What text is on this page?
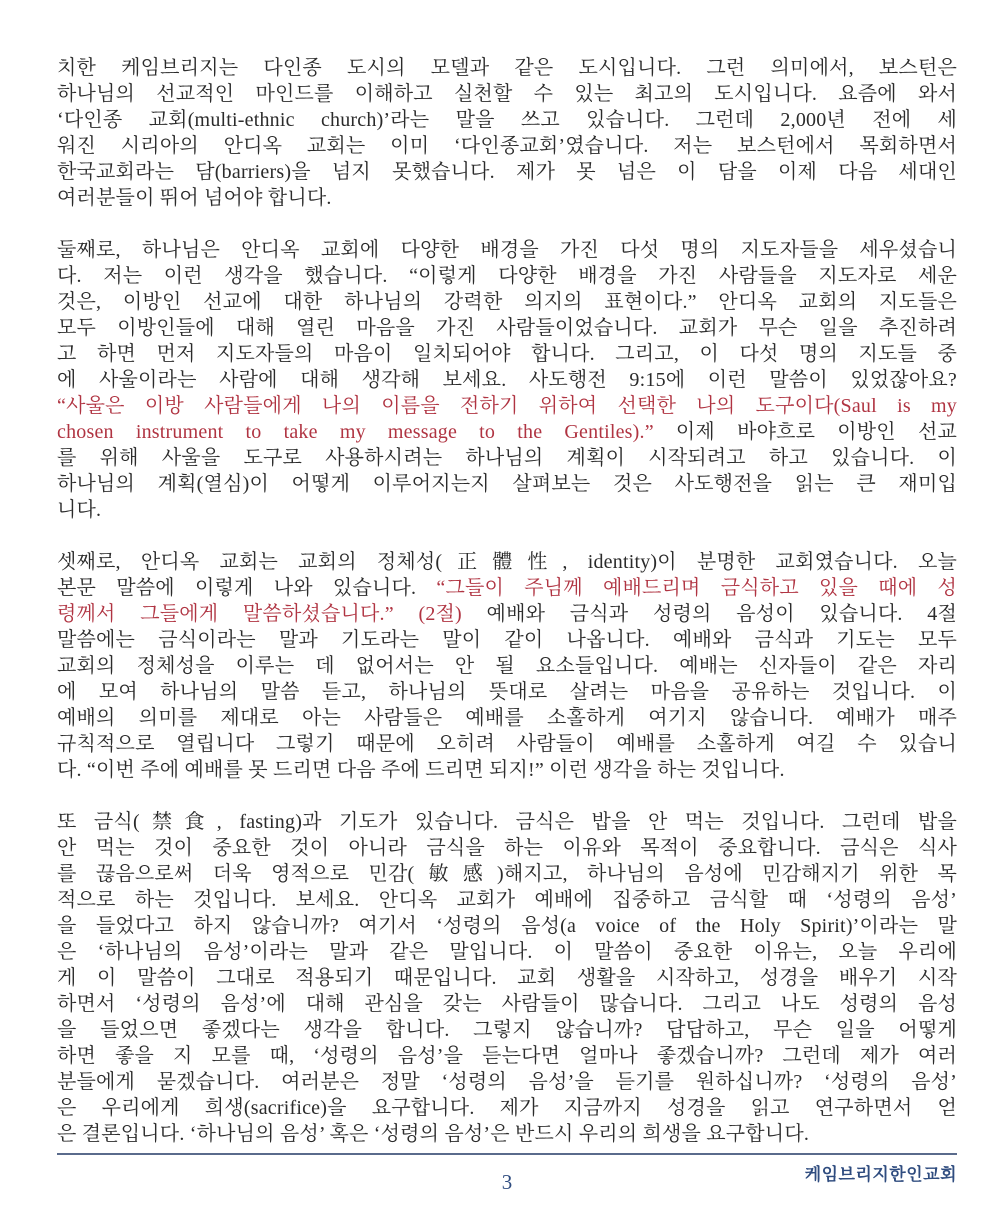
치한 케임브리지는 다인종 도시의 모델과 같은 도시입니다. 그런 의미에서, 보스턴은
하나님의 선교적인 마인드를 이해하고 실천할 수 있는 최고의 도시입니다. 요즘에 와서
‘다인종 교회(multi-ethnic church)’라는 말을 쓰고 있습니다. 그런데 2,000년 전에 세
워진 시리아의 안디옥 교회는 이미 ‘다인종교회’였습니다. 저는 보스턴에서 목회하면서
한국교회라는 담(barriers)을 넘지 못했습니다. 제가 못 넘은 이 담을 이제 다음 세대인
여러분들이 뛰어 넘어야 합니다.
둘째로, 하나님은 안디옥 교회에 다양한 배경을 가진 다섯 명의 지도자들을 세우셨습니
다. 저는 이런 생각을 했습니다. “이렇게 다양한 배경을 가진 사람들을 지도자로 세운
것은, 이방인 선교에 대한 하나님의 강력한 의지의 표현이다.” 안디옥 교회의 지도들은
모두 이방인들에 대해 열린 마음을 가진 사람들이었습니다. 교회가 무슨 일을 추진하려
고 하면 먼저 지도자들의 마음이 일치되어야 합니다. 그리고, 이 다섯 명의 지도들 중
에 사울이라는 사람에 대해 생각해 보세요. 사도행전 9:15에 이런 말씀이 있었잖아요?
“사울은 이방 사람들에게 나의 이름을 전하기 위하여 선택한 나의 도구이다(Saul is my
chosen instrument to take my message to the Gentiles).” 이제 바야흐로 이방인 선교
를 위해 사울을 도구로 사용하시려는 하나님의 계획이 시작되려고 하고 있습니다. 이
하나님의 계획(열심)이 어떻게 이루어지는지 살펴보는 것은 사도행전을 읽는 큰 재미입
니다.
셋째로, 안디옥 교회는 교회의 정체성(正體性, identity)이 분명한 교회였습니다. 오늘
본문 말씀에 이렇게 나와 있습니다. “그들이 주님께 예배드리며 금식하고 있을 때에 성
령께서 그들에게 말씀하셨습니다.” (2절) 예배와 금식과 성령의 음성이 있습니다. 4절
말씀에는 금식이라는 말과 기도라는 말이 같이 나옵니다. 예배와 금식과 기도는 모두
교회의 정체성을 이루는 데 없어서는 안 될 요소들입니다. 예배는 신자들이 같은 자리
에 모여 하나님의 말씀 듣고, 하나님의 뜻대로 살려는 마음을 공유하는 것입니다. 이
예배의 의미를 제대로 아는 사람들은 예배를 소홀하게 여기지 않습니다. 예배가 매주
규칙적으로 열립니다 그렇기 때문에 오히려 사람들이 예배를 소홀하게 여길 수 있습니
다. “이번 주에 예배를 못 드리면 다음 주에 드리면 되지!” 이런 생각을 하는 것입니다.
또 금식(禁食, fasting)과 기도가 있습니다. 금식은 밥을 안 먹는 것입니다. 그런데 밥을
안 먹는 것이 중요한 것이 아니라 금식을 하는 이유와 목적이 중요합니다. 금식은 식사
를 끊음으로써 더욱 영적으로 민감(敏感)해지고, 하나님의 음성에 민감해지기 위한 목
적으로 하는 것입니다. 보세요. 안디옥 교회가 예배에 집중하고 금식할 때 ‘성령의 음성’
을 들었다고 하지 않습니까? 여기서 ‘성령의 음성(a voice of the Holy Spirit)’이라는 말
은 ‘하나님의 음성’이라는 말과 같은 말입니다. 이 말씀이 중요한 이유는, 오늘 우리에
게 이 말씀이 그대로 적용되기 때문입니다. 교회 생활을 시작하고, 성경을 배우기 시작
하면서 ‘성령의 음성’에 대해 관심을 갖는 사람들이 많습니다. 그리고 나도 성령의 음성
을 들었으면 좋겠다는 생각을 합니다. 그렇지 않습니까? 답답하고, 무슨 일을 어떻게
하면 좋을 지 모를 때, ‘성령의 음성’을 듣는다면 얼마나 좋겠습니까? 그런데 제가 여러
분들에게 묻겠습니다. 여러분은 정말 ‘성령의 음성’을 듣기를 원하십니까? ‘성령의 음성’
은 우리에게 희생(sacrifice)을 요구합니다. 제가 지금까지 성경을 읽고 연구하면서 얻
은 결론입니다. ‘하나님의 음성’ 혹은 ‘성령의 음성’은 반드시 우리의 희생을 요구합니다.
케임브리지한인교회
3
